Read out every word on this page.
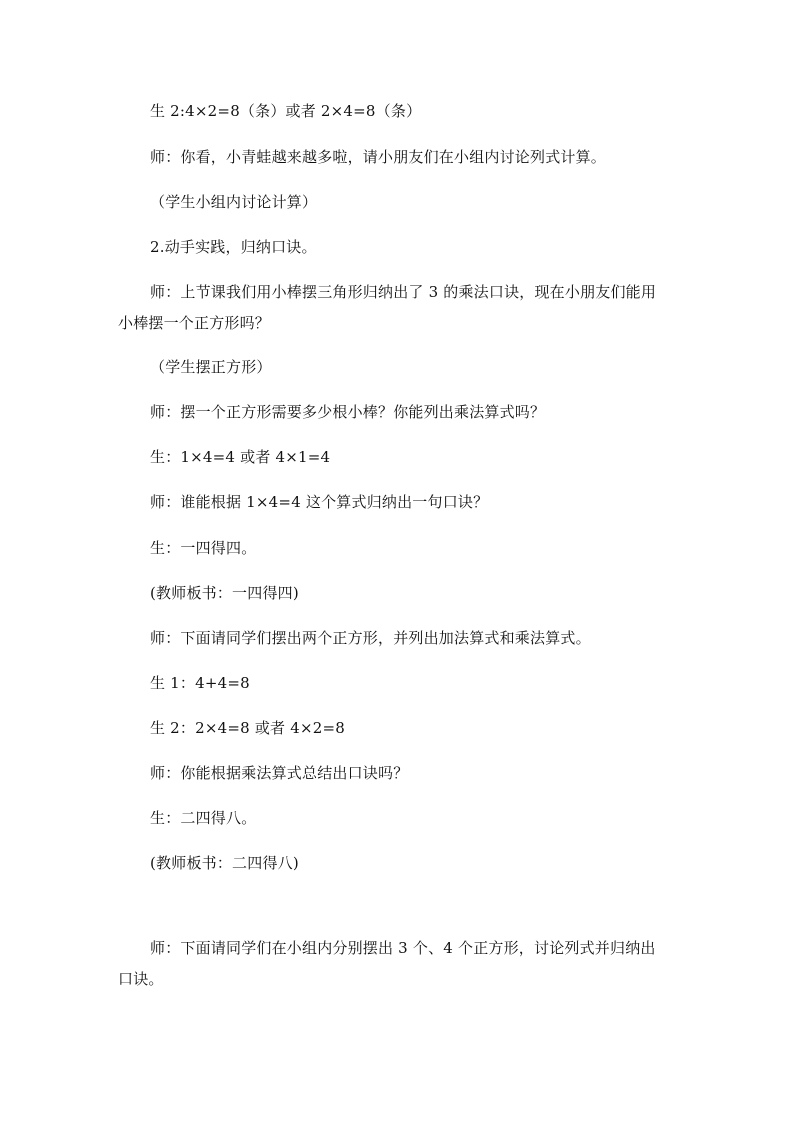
生 2:4×2=8（条）或者 2×4=8（条）
师：你看，小青蛙越来越多啦，请小朋友们在小组内讨论列式计算。
（学生小组内讨论计算）
2.动手实践，归纳口诀。
师：上节课我们用小棒摆三角形归纳出了 3 的乘法口诀，现在小朋友们能用
小棒摆一个正方形吗？
（学生摆正方形）
师：摆一个正方形需要多少根小棒？你能列出乘法算式吗？
生：1×4=4 或者 4×1=4
师：谁能根据 1×4=4 这个算式归纳出一句口诀？
生：一四得四。
(教师板书：一四得四)
师：下面请同学们摆出两个正方形，并列出加法算式和乘法算式。
生 1：4+4=8
生 2：2×4=8 或者 4×2=8
师：你能根据乘法算式总结出口诀吗？
生：二四得八。
(教师板书：二四得八)
师：下面请同学们在小组内分别摆出 3 个、4 个正方形，讨论列式并归纳出
口诀。
